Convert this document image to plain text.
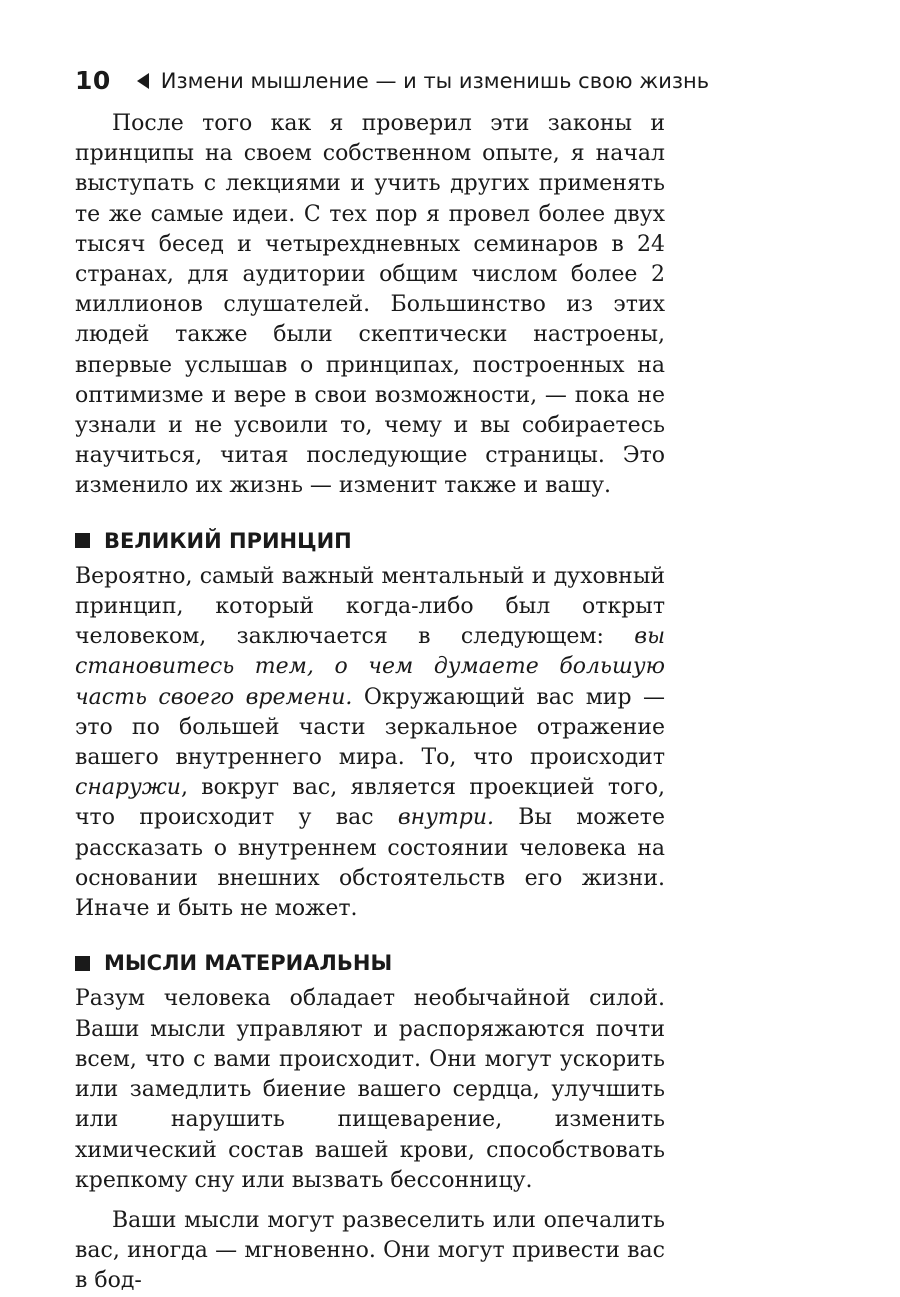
10 Измени мышление — и ты изменишь свою жизнь

После того как я проверил эти законы и принципы на своем собственном опыте, я начал выступать с лекциями и учить других применять те же самые идеи. С тех пор я провел более двух тысяч бесед и четырехдневных семинаров в 24 странах, для аудитории общим числом более 2 миллионов слушателей. Большинство из этих людей также были скептически настроены, впервые услышав о принципах, построенных на оптимизме и вере в свои возможности, — пока не узнали и не усвоили то, чему и вы собираетесь научиться, читая последующие страницы. Это изменило их жизнь — изменит также и вашу.

ВЕЛИКИЙ ПРИНЦИП

Вероятно, самый важный ментальный и духовный принцип, который когда-либо был открыт человеком, заключается в следующем: вы становитесь тем, о чем думаете большую часть своего времени. Окружающий вас мир — это по большей части зеркальное отражение вашего внутреннего мира. То, что происходит снаружи, вокруг вас, является проекцией того, что происходит у вас внутри. Вы можете рассказать о внутреннем состоянии человека на основании внешних обстоятельств его жизни. Иначе и быть не может.

МЫСЛИ МАТЕРИАЛЬНЫ

Разум человека обладает необычайной силой. Ваши мысли управляют и распоряжаются почти всем, что с вами происходит. Они могут ускорить или замедлить биение вашего сердца, улучшить или нарушить пищеварение, изменить химический состав вашей крови, способствовать крепкому сну или вызвать бессонницу.

Ваши мысли могут развеселить или опечалить вас, иногда — мгновенно. Они могут привести вас в бод-
